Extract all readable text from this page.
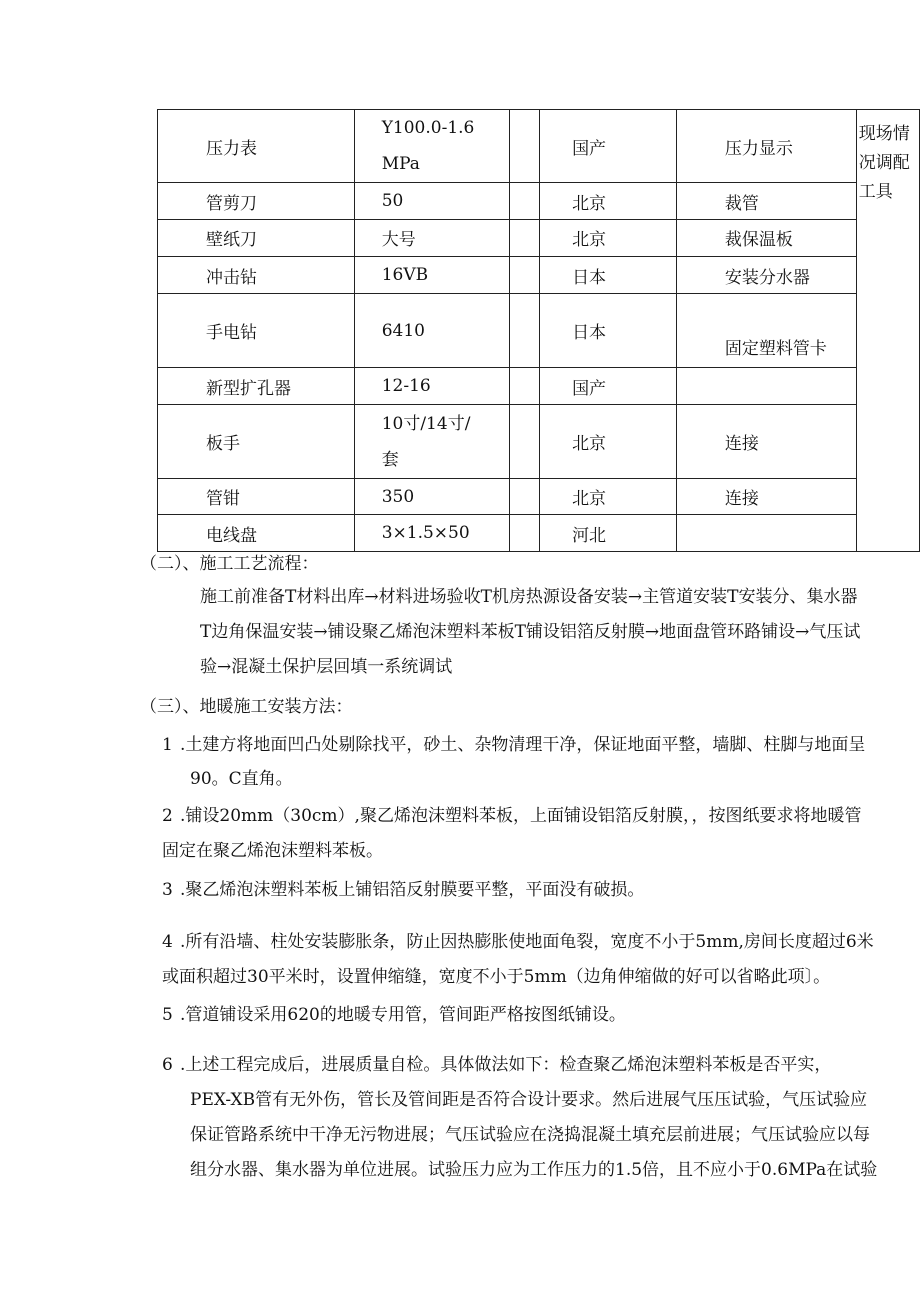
压力表	Y100.0-1.6MPa		国产	压力显示	现场情况调配工具

管剪刀	50		北京	裁管	
壁纸刀	大号		北京	裁保温板	
冲击钻	16VB		日本	安装分水器	
手电钻	6410		日本	固定塑料管卡	
新型扩孔器	12-16		国产		
板手	10寸/14寸/套		北京	连接	
管钳	350		北京	连接	
电线盘	3×1.5×50		河北		
（二）、施工工艺流程：
施工前准备T材料出库→材料进场验收T机房热源设备安装→主管道安装T安装分、集水器
T边角保温安装→铺设聚乙烯泡沫塑料苯板T铺设铝箔反射膜→地面盘管环路铺设→气压试
验→混凝土保护层回填一系统调试
（三）、地暖施工安装方法：
1 .土建方将地面凹凸处剔除找平，砂土、杂物清理干净，保证地面平整，墙脚、柱脚与地面呈
90。C直角。
2 .铺设20mm（30cm）,聚乙烯泡沫塑料苯板，上面铺设铝箔反射膜，，按图纸要求将地暖管
固定在聚乙烯泡沫塑料苯板。
3 .聚乙烯泡沫塑料苯板上铺铝箔反射膜要平整，平面没有破损。
4 .所有沿墙、柱处安装膨胀条，防止因热膨胀使地面龟裂，宽度不小于5mm,房间长度超过6米
或面积超过30平米时，设置伸缩缝，宽度不小于5mm（边角伸缩做的好可以省略此项〕。
5 .管道铺设采用620的地暖专用管，管间距严格按图纸铺设。
6 .上述工程完成后，进展质量自检。具体做法如下：检查聚乙烯泡沫塑料苯板是否平实，
PEX-XB管有无外伤，管长及管间距是否符合设计要求。然后进展气压压试验，气压试验应
保证管路系统中干净无污物进展；气压试验应在浇捣混凝土填充层前进展；气压试验应以每
组分水器、集水器为单位进展。试验压力应为工作压力的1.5倍，且不应小于0.6MPa在试验
